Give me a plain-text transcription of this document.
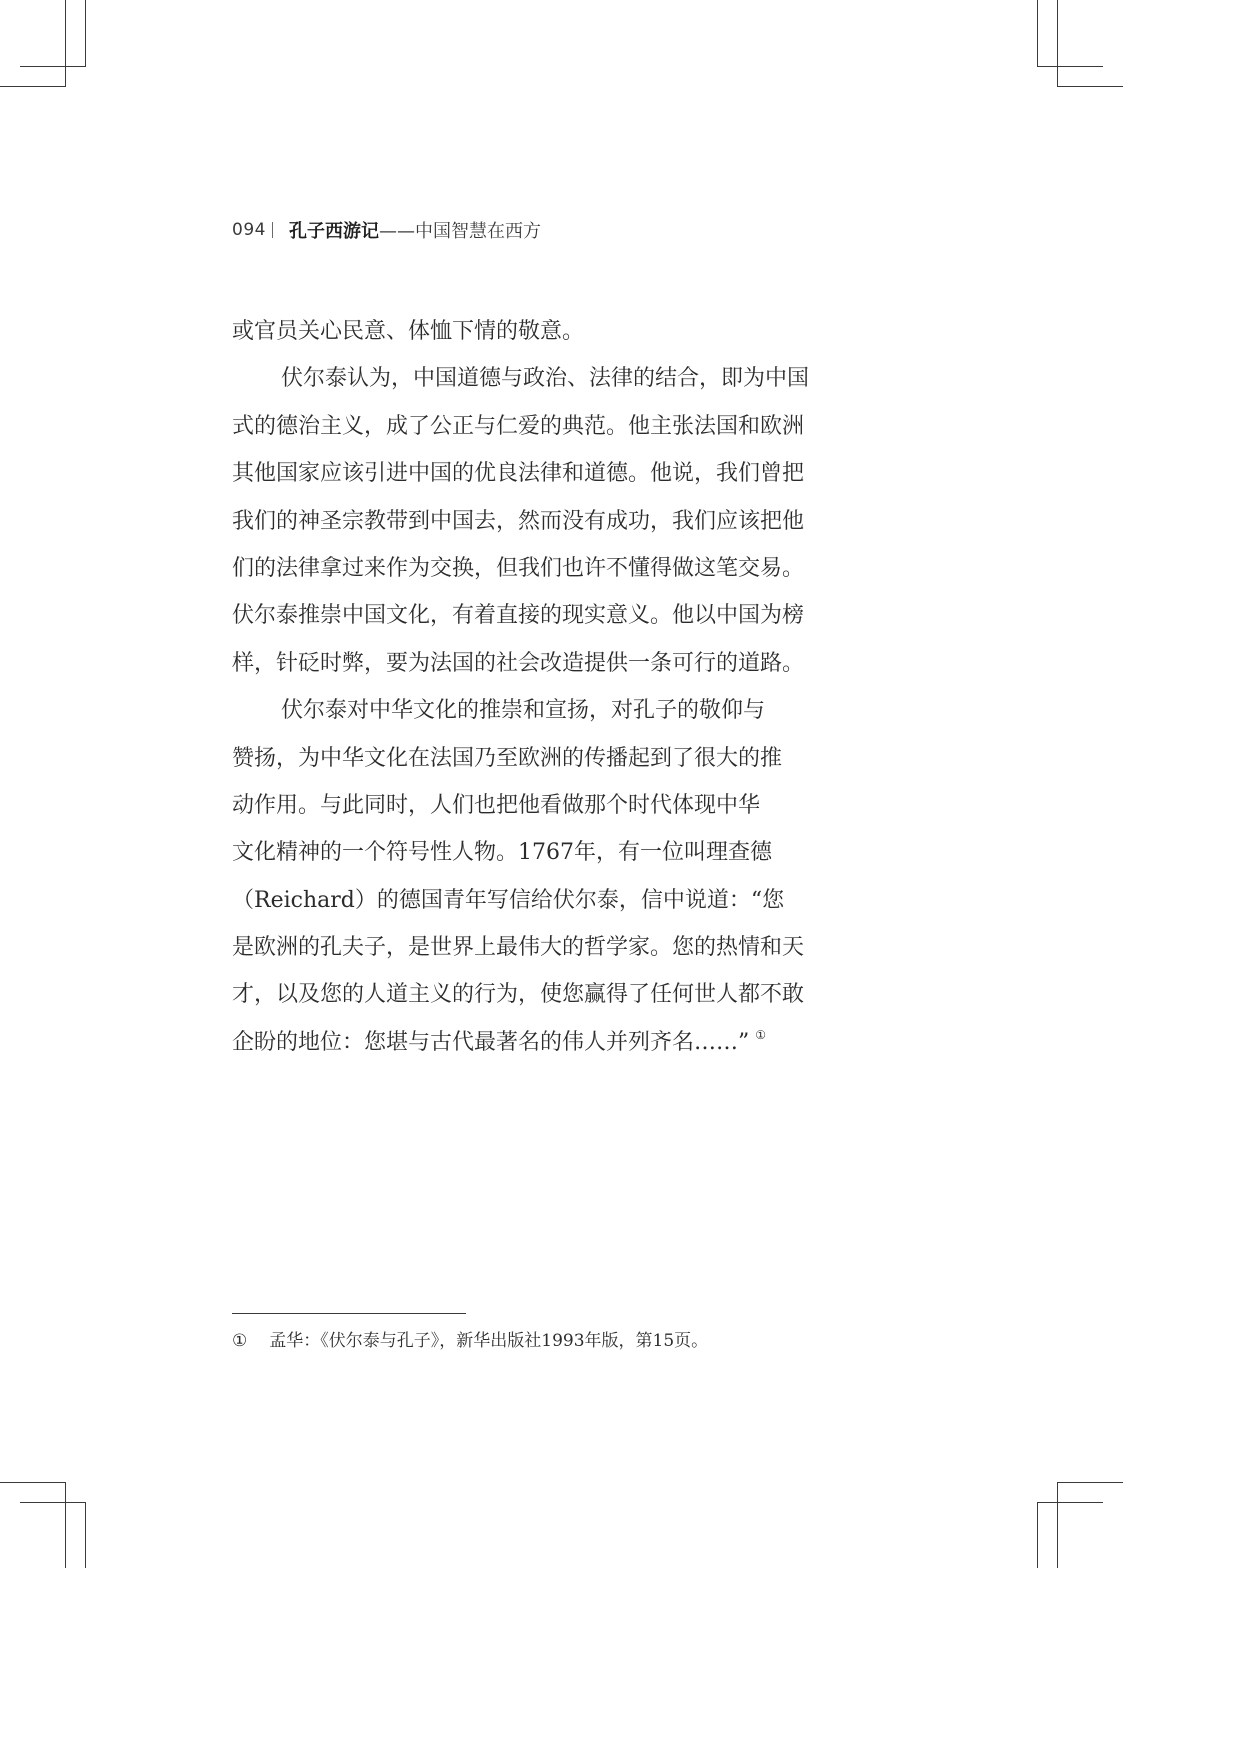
094 孔子西游记 ——中国智慧在西方
或官员关心民意、体恤下情的敬意。
伏尔泰认为，中国道德与政治、法律的结合，即为中国
式的德治主义，成了公正与仁爱的典范。他主张法国和欧洲
其他国家应该引进中国的优良法律和道德。他说，我们曾把
我们的神圣宗教带到中国去，然而没有成功，我们应该把他
们的法律拿过来作为交换，但我们也许不懂得做这笔交易。
伏尔泰推崇中国文化，有着直接的现实意义。他以中国为榜
样，针砭时弊，要为法国的社会改造提供一条可行的道路。
伏尔泰对中华文化的推崇和宣扬，对孔子的敬仰与
赞扬，为中华文化在法国乃至欧洲的传播起到了很大的推
动作用。与此同时，人们也把他看做那个时代体现中华
文化精神的一个符号性人物。1767年，有一位叫理查德
（Reichard）的德国青年写信给伏尔泰，信中说道：“您
是欧洲的孔夫子，是世界上最伟大的哲学家。您的热情和天
才，以及您的人道主义的行为，使您赢得了任何世人都不敢
企盼的地位：您堪与古代最著名的伟人并列齐名……” ①
① 孟华：《伏尔泰与孔子》，新华出版社1993年版，第15页。
